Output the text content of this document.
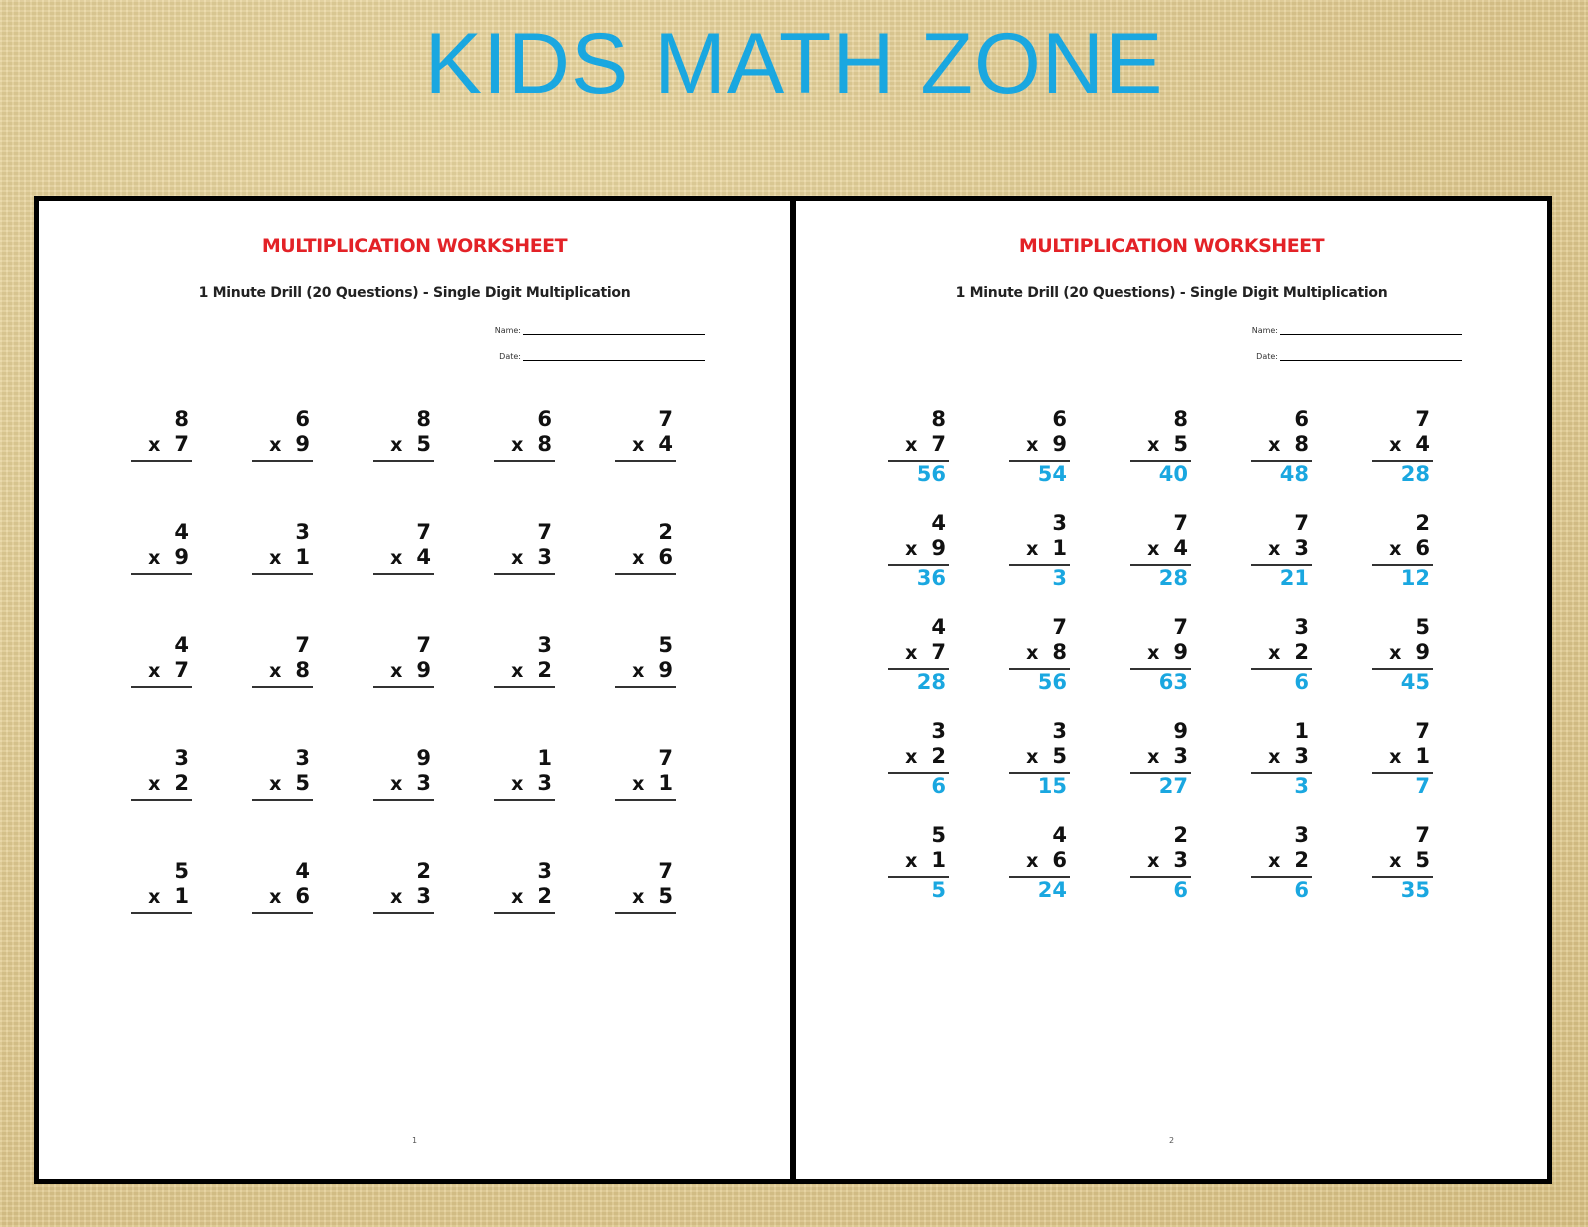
KIDS MATH ZONE
MULTIPLICATION WORKSHEET
1 Minute Drill (20 Questions) - Single Digit Multiplication
Name:
Date:
8
x 7
6
x 9
8
x 5
6
x 8
7
x 4
4
x 9
3
x 1
7
x 4
7
x 3
2
x 6
4
x 7
7
x 8
7
x 9
3
x 2
5
x 9
3
x 2
3
x 5
9
x 3
1
x 3
7
x 1
5
x 1
4
x 6
2
x 3
3
x 2
7
x 5
1
MULTIPLICATION WORKSHEET
1 Minute Drill (20 Questions) - Single Digit Multiplication
Name:
Date:
8
x 7
56
6
x 9
54
8
x 5
40
6
x 8
48
7
x 4
28
4
x 9
36
3
x 1
3
7
x 4
28
7
x 3
21
2
x 6
12
4
x 7
28
7
x 8
56
7
x 9
63
3
x 2
6
5
x 9
45
3
x 2
6
3
x 5
15
9
x 3
27
1
x 3
3
7
x 1
7
5
x 1
5
4
x 6
24
2
x 3
6
3
x 2
6
7
x 5
35
2
